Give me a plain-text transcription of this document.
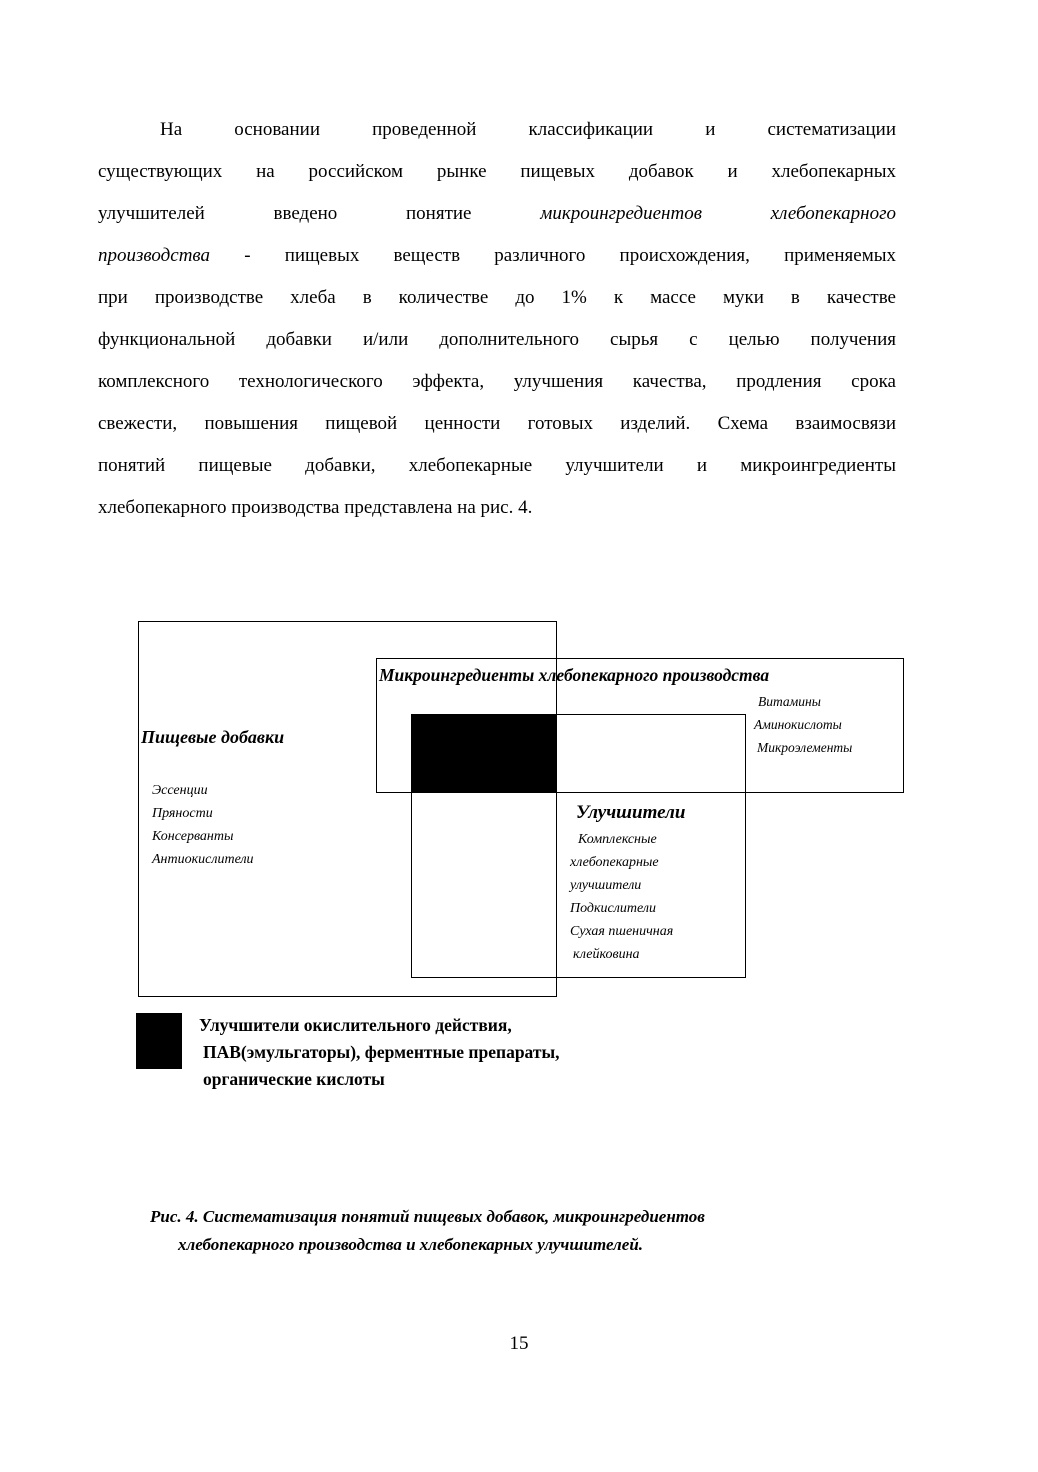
На основании проведенной классификации и систематизации
существующих на российском рынке пищевых добавок и хлебопекарных
улучшителей введено понятие	микроингредиентов хлебопекарного
производства - пищевых веществ различного происхождения, применяемых
при производстве хлеба в количестве до 1% к массе муки в качестве
функциональной добавки и/или дополнительного сырья с целью получения
комплексного технологического эффекта, улучшения качества, продления срока
свежести, повышения пищевой ценности готовых изделий. Схема взаимосвязи
понятий пищевые добавки, хлебопекарные улучшители и микроингредиенты
хлебопекарного производства представлена на рис. 4.
Пищевые добавки
Эссенции
Пряности
Консерванты
Антиокислители
Микроингредиенты хлебопекарного производства
Витамины
Аминокислоты
Микроэлементы
Улучшители
Комплексные
хлебопекарные
улучшители
Подкислители
Сухая пшеничная
клейковина
Улучшители окислительного действия,
ПАВ(эмульгаторы), ферментные препараты,
органические кислоты
Рис. 4. Систематизация понятий пищевых добавок, микроингредиентов
хлебопекарного производства и хлебопекарных улучшителей.
15
